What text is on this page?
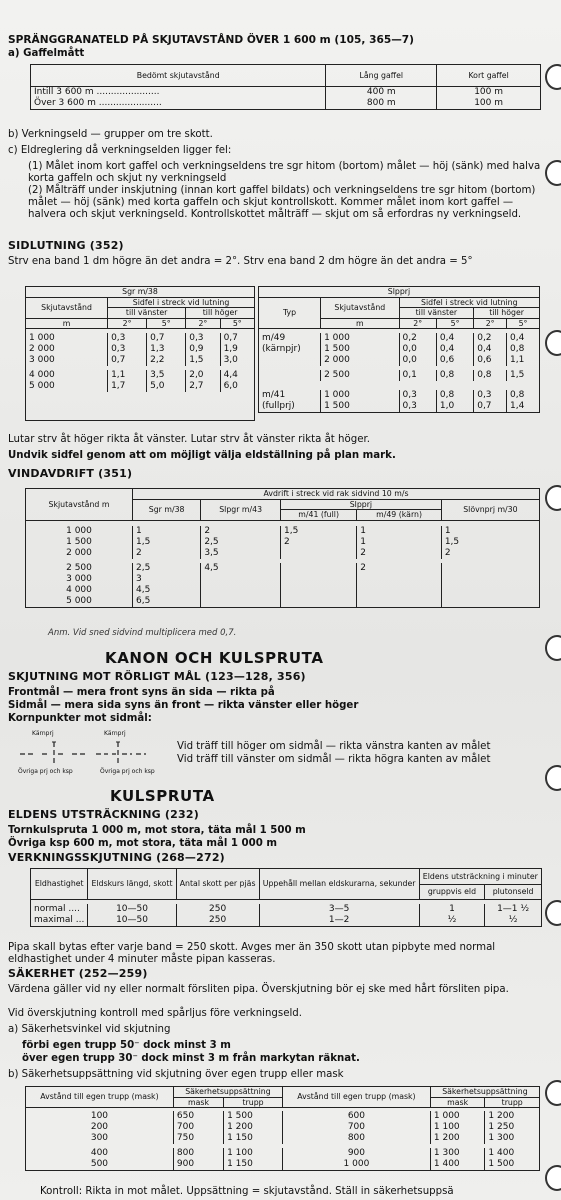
SPRÄNGGRANATELD PÅ SKJUTAVSTÅND ÖVER 1 600 m (105, 365—7)
a) Gaffelmått
Bedömt skjutavstånd	Lång gaffel	Kort gaffel
Intill 3 600 m ......................	400 m	100 m
Över 3 600 m ......................	800 m	100 m
b) Verkningseld — grupper om tre skott.
c) Eldreglering då verkningselden ligger fel:
(1) Målet inom kort gaffel och verkningseldens tre sgr hitom (bortom) målet — höj (sänk) med halva korta gaffeln och skjut ny verkningseld
(2) Målträff under inskjutning (innan kort gaffel bildats) och verkningseldens tre sgr hitom (bortom) målet — höj (sänk) med korta gaffeln och skjut kontrollskott. Kommer målet inom kort gaffel — halvera och skjut verkningseld. Kontrollskottet målträff — skjut om så erfordras ny verkningseld.
SIDLUTNING (352)
Strv ena band 1 dm högre än det andra = 2°. Strv ena band 2 dm högre än det andra = 5°
Sgr m/38				
Skjutavstånd	Sidfel i streck vid lutning			
	till vänster		till höger	
m	2°	5°	2°	5°

1 000	0,3	0,7	0,3	0,7
2 000	0,3	1,3	0,9	1,9
3 000	0,7	2,2	1,5	3,0

4 000	1,1	3,5	2,0	4,4
5 000	1,7	5,0	2,7	6,0

Slpprj					
Typ	Skjutavstånd	Sidfel i streck vid lutning			
		till vänster		till höger	
	m	2°	5°	2°	5°

m/49	1 000	0,2	0,4	0,2	0,4
(kärnpjr)	1 500	0,0	0,4	0,4	0,8
	2 000	0,0	0,6	0,6	1,1

	2 500	0,1	0,8	0,8	1,5

m/41	1 000	0,3	0,8	0,3	0,8
(fullprj)	1 500	0,3	1,0	0,7	1,4
Lutar strv åt höger rikta åt vänster. Lutar strv åt vänster rikta åt höger.
Undvik sidfel genom att om möjligt välja eldställning på plan mark.
VINDAVDRIFT (351)
Skjutavstånd m	Avdrift i streck vid rak sidvind 10 m/s				
	Sgr m/38	Slpgr m/43	Slpprj		Slövnprj m/30
			m/41 (full)	m/49 (kärn)	

1 000	1	2	1,5	1	1
1 500	1,5	2,5	2	1	1,5
2 000	2	3,5		2	2

2 500	2,5	4,5		2	
3 000	3				
4 000	4,5				
5 000	6,5				
Anm. Vid sned sidvind multiplicera med 0,7.
KANON OCH KULSPRUTA
SKJUTNING MOT RÖRLIGT MÅL (123—128, 356)
Frontmål — mera front syns än sida — rikta på
Sidmål — mera sida syns än front — rikta vänster eller höger
Kornpunkter mot sidmål:
Kärnprj	Kärnprj
Övriga prj och ksp	Övriga prj och ksp
Vid träff till höger om sidmål — rikta vänstra kanten av målet
Vid träff till vänster om sidmål — rikta högra kanten av målet
KULSPRUTA
ELDENS UTSTRÄCKNING (232)
Tornkulspruta 1 000 m, mot stora, täta mål 1 500 m
Övriga ksp 600 m, mot stora, täta mål 1 000 m
VERKNINGSSKJUTNING (268—272)
Eldhastighet	Eldskurs längd, skott	Antal skott per pjäs	Uppehåll mellan eldskurarna, sekunder	Eldens utsträckning i minuter	
				gruppvis eld	plutonseld

normal ....	10—50	250	3—5	1	1—1 ½
maximal ...	10—50	250	1—2	½	½
Pipa skall bytas efter varje band = 250 skott. Avges mer än 350 skott utan pipbyte med normal eldhastighet under 4 minuter måste pipan kasseras.
SÄKERHET (252—259)
Värdena gäller vid ny eller normalt försliten pipa. Överskjutning bör ej ske med hårt försliten pipa.
Vid överskjutning kontroll med spårljus före verkningseld.
a) Säkerhetsvinkel vid skjutning
förbi egen trupp 50⁻ dock minst 3 m
över egen trupp 30⁻ dock minst 3 m från markytan räknat.
b) Säkerhetsuppsättning vid skjutning över egen trupp eller mask
Avstånd till egen trupp (mask)	Säkerhetsuppsättning		Avstånd till egen trupp (mask)	Säkerhetsuppsättning	
	mask	trupp		mask	trupp

100	650	1 500	600	1 000	1 200
200	700	1 200	700	1 100	1 250
300	750	1 150	800	1 200	1 300

400	800	1 100	900	1 300	1 400
500	900	1 150	1 000	1 400	1 500
Kontroll: Rikta in mot målet. Uppsättning = skjutavstånd. Ställ in säkerhetsuppsä
